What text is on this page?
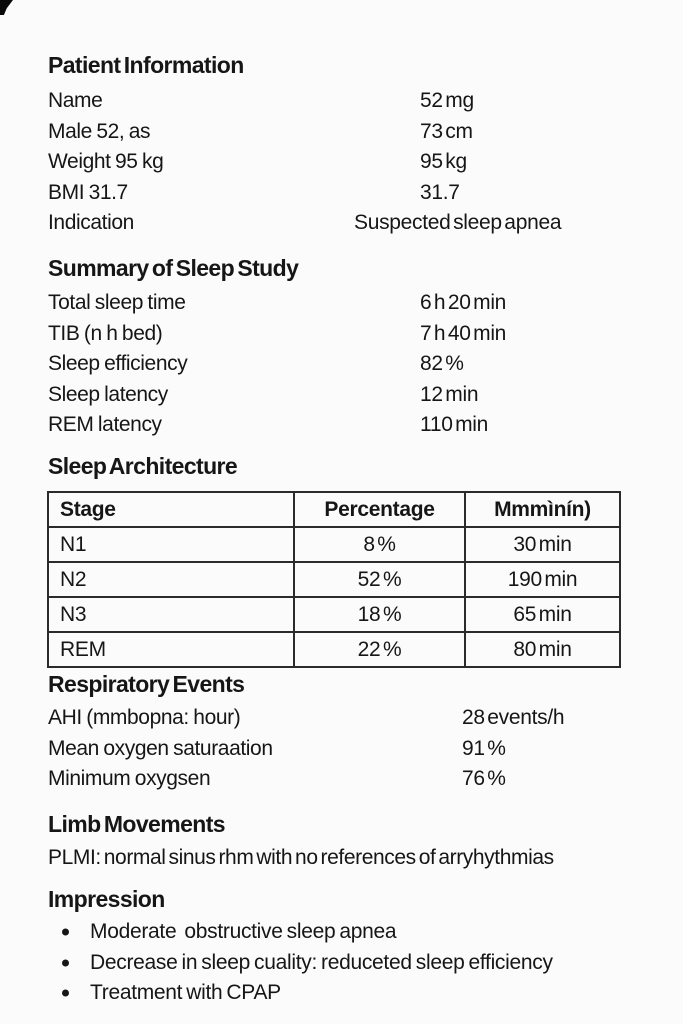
Patient Information
Name	52 mg
Male 52, as	73 cm
Weight 95 kg	95 kg
BMI 31.7	31.7
Indication	Suspected sleep apnea
Summary of Sleep Study
Total sleep time	6 h 20 min
TIB (n h bed)	7 h 40 min
Sleep efficiency	82 %
Sleep latency	12 min
REM latency	110 min
Sleep Architecture
Stage	Percentage	Mmmìnín)
N1	8 %	30 min
N2	52 %	190 min
N3	18 %	65 min
REM	22 %	80 min
Respiratory Events
AHI (mmbopna: hour)	28 events/h
Mean oxygen saturaation	91 %
Minimum oxygsen	76 %
Limb Movements
PLMI: normal sinus rhm with no references of arryhythmias
Impression
Moderate  obstructive sleep apnea
Decrease in sleep cuality: reduceted sleep efficiency
Treatment with CPAP
